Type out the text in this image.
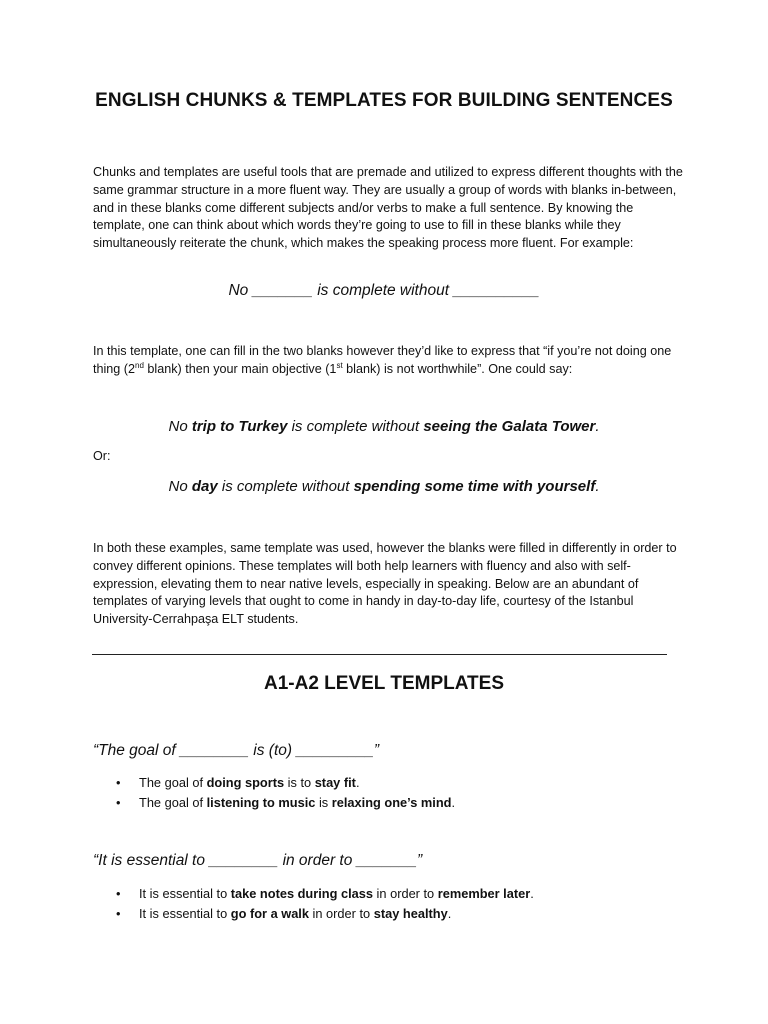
ENGLISH CHUNKS & TEMPLATES FOR BUILDING SENTENCES

Chunks and templates are useful tools that are premade and utilized to express different thoughts with the same grammar structure in a more fluent way. They are usually a group of words with blanks in-between, and in these blanks come different subjects and/or verbs to make a full sentence. By knowing the template, one can think about which words they’re going to use to fill in these blanks while they simultaneously reiterate the chunk, which makes the speaking process more fluent. For example:

No _______ is complete without __________

In this template, one can fill in the two blanks however they’d like to express that “if you’re not doing one thing (2nd blank) then your main objective (1st blank) is not worthwhile”. One could say:

No trip to Turkey is complete without seeing the Galata Tower.

Or:

No day is complete without spending some time with yourself.

In both these examples, same template was used, however the blanks were filled in differently in order to convey different opinions. These templates will both help learners with fluency and also with self-expression, elevating them to near native levels, especially in speaking. Below are an abundant of templates of varying levels that ought to come in handy in day-to-day life, courtesy of the Istanbul University-Cerrahpaşa ELT students.

A1-A2 LEVEL TEMPLATES

“The goal of ________ is (to) _________”

• The goal of doing sports is to stay fit.
• The goal of listening to music is relaxing one’s mind.

“It is essential to ________ in order to _______”

• It is essential to take notes during class in order to remember later.
• It is essential to go for a walk in order to stay healthy.
